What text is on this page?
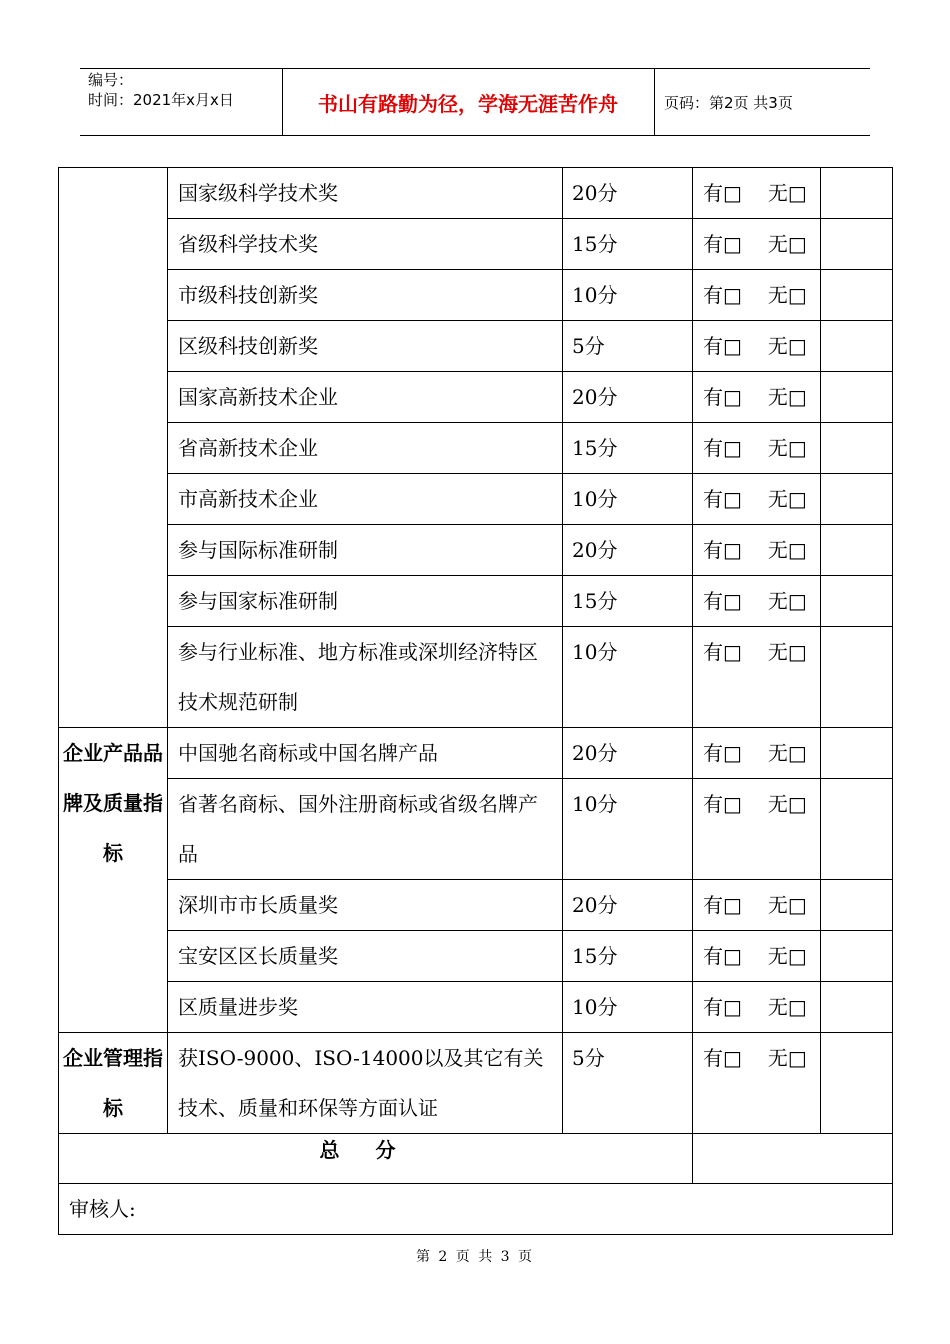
编号：
时间：2021年x月x日	书山有路勤为径，学海无涯苦作舟	页码：第2页 共3页

	国家级科学技术奖	20分	有□ 无□	

	省级科学技术奖	15分	有□ 无□	

	市级科技创新奖	10分	有□ 无□	

	区级科技创新奖	5分	有□ 无□	

	国家高新技术企业	20分	有□ 无□	

	省高新技术企业	15分	有□ 无□	

	市高新技术企业	10分	有□ 无□	

	参与国际标准研制	20分	有□ 无□	

	参与国家标准研制	15分	有□ 无□	

	参与行业标准、地方标准或深圳经济特区技术规范研制	10分	有□ 无□	

企业产品品牌及质量指标	中国驰名商标或中国名牌产品	20分	有□ 无□	

	省著名商标、国外注册商标或省级名牌产品	10分	有□ 无□	

	深圳市市长质量奖	20分	有□ 无□	

	宝安区区长质量奖	15分	有□ 无□	

	区质量进步奖	10分	有□ 无□	

企业管理指标	获ISO-9000、ISO-14000以及其它有关技术、质量和环保等方面认证	5分	有□ 无□	

总分				

审核人:				
第 2 页 共 3 页
